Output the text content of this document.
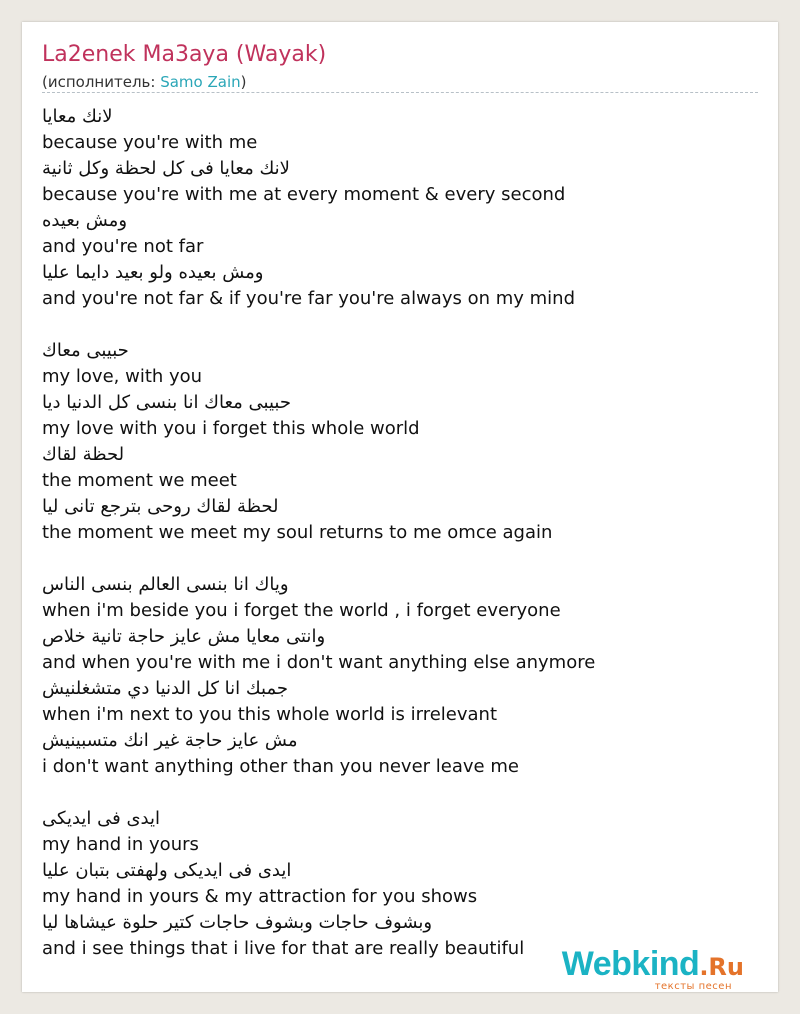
La2enek Ma3aya (Wayak)
(исполнитель: Samo Zain)
لانك معايا
because you're with me
لانك معايا فى كل لحظة وكل ثانية
because you're with me at every moment & every second
ومش بعيده
and you're not far
ومش بعيده ولو بعيد دايما عليا
and you're not far & if you're far you're always on my mind
حبيبى معاك
my love, with you
حبيبى معاك انا بنسى كل الدنيا ديا
my love with you i forget this whole world
لحظة لقاك
the moment we meet
لحظة لقاك روحى بترجع تانى ليا
the moment we meet my soul returns to me omce again
وياك انا بنسى العالم بنسى الناس
when i'm beside you i forget the world , i forget everyone
وانتى معايا مش عايز حاجة تانية خلاص
and when you're with me i don't want anything else anymore
جمبك انا كل الدنيا دي متشغلنيش
when i'm next to you this whole world is irrelevant
مش عايز حاجة غير انك متسبينيش
i don't want anything other than you never leave me
ايدى فى ايديكى
my hand in yours
ايدى فى ايديكى ولهفتى بتبان عليا
my hand in yours & my attraction for you shows
وبشوف حاجات وبشوف حاجات كتير حلوة عيشاها ليا
and i see things that i live for that are really beautiful	Webkind.Ru
тексты песен
